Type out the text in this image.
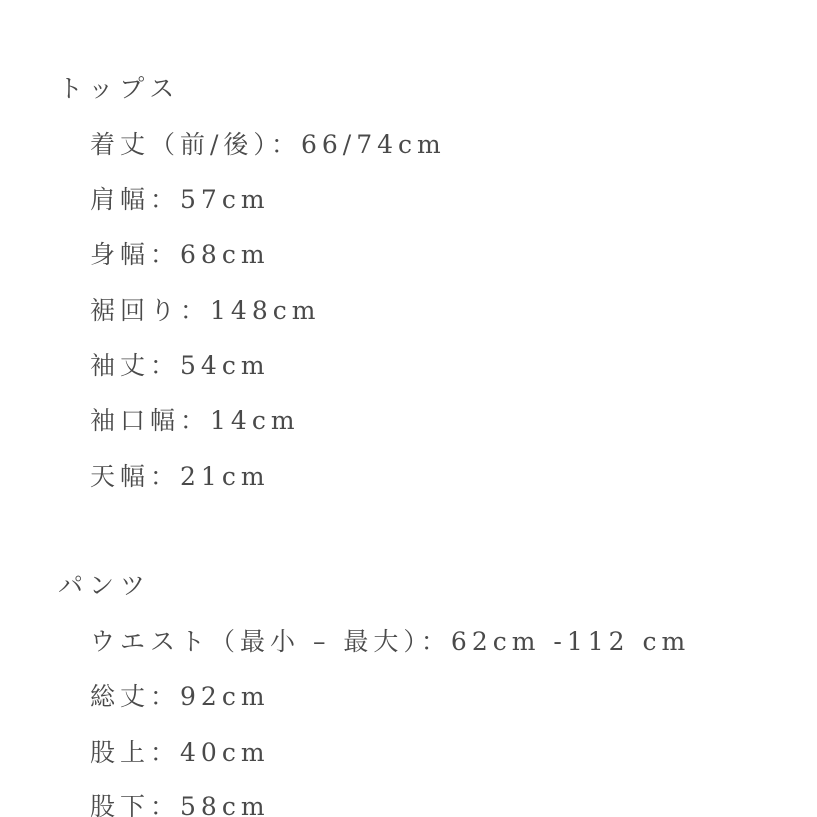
トップス
着丈（前/後）：66/74cm
肩幅：57cm
身幅：68cm
裾回り：148cm
袖丈：54cm
袖口幅：14cm
天幅：21cm
パンツ
ウエスト（最小 – 最大）：62cm -112 cm
総丈：92cm
股上：40cm
股下：58cm
